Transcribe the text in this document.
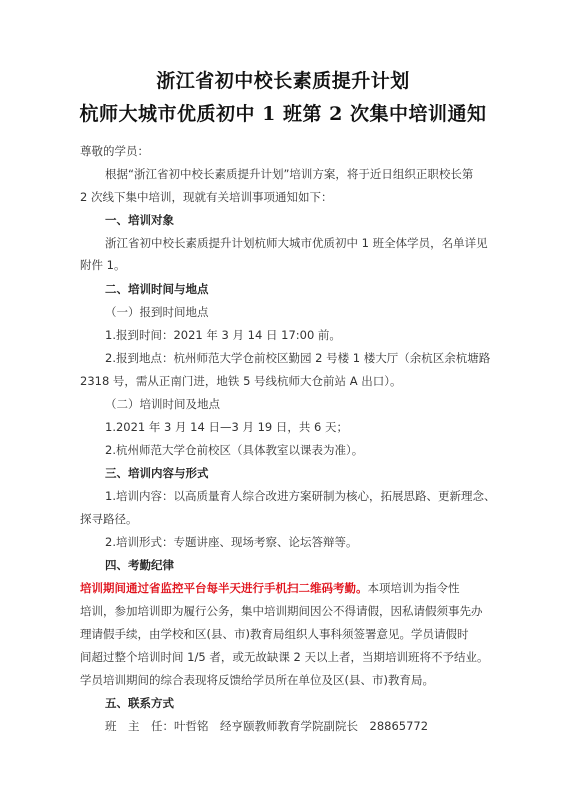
浙江省初中校长素质提升计划
杭师大城市优质初中 1 班第 2 次集中培训通知
尊敬的学员：
根据“浙江省初中校长素质提升计划”培训方案，将于近日组织正职校长第
2 次线下集中培训，现就有关培训事项通知如下：
一、培训对象
浙江省初中校长素质提升计划杭师大城市优质初中 1 班全体学员，名单详见
附件 1。
二、培训时间与地点
（一）报到时间地点
1.报到时间：2021 年 3 月 14 日 17:00 前。
2.报到地点：杭州师范大学仓前校区勤园 2 号楼 1 楼大厅（余杭区余杭塘路
2318 号，需从正南门进，地铁 5 号线杭师大仓前站 A 出口）。
（二）培训时间及地点
1.2021 年 3 月 14 日—3 月 19 日，共 6 天；
2.杭州师范大学仓前校区（具体教室以课表为准）。
三、培训内容与形式
1.培训内容：以高质量育人综合改进方案研制为核心，拓展思路、更新理念、
探寻路径。
2.培训形式：专题讲座、现场考察、论坛答辩等。
四、考勤纪律
培训期间通过省监控平台每半天进行手机扫二维码考勤。本项培训为指令性
培训，参加培训即为履行公务，集中培训期间因公不得请假，因私请假须事先办
理请假手续，由学校和区(县、市)教育局组织人事科须签署意见。学员请假时
间超过整个培训时间 1/5 者，或无故缺课 2 天以上者，当期培训班将不予结业。
学员培训期间的综合表现将反馈给学员所在单位及区(县、市)教育局。
五、联系方式
班　主　任：叶哲铭　经亨颐教师教育学院副院长　28865772
